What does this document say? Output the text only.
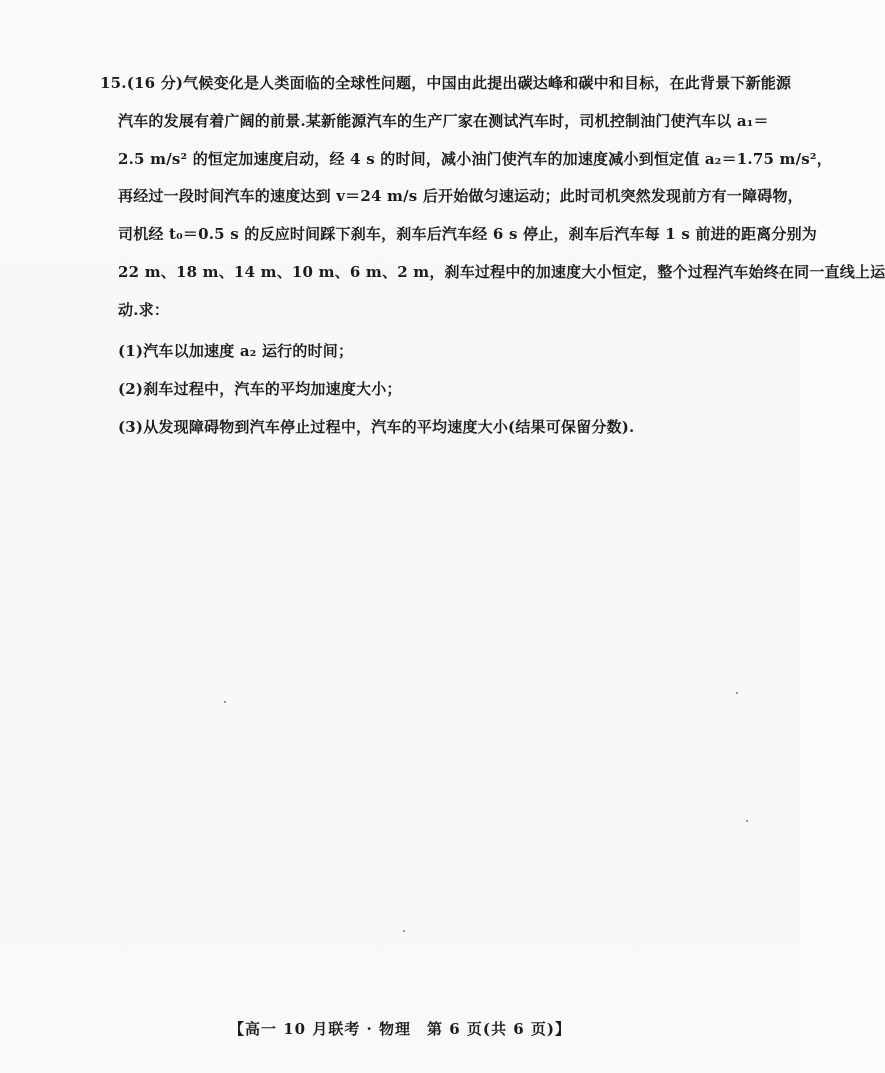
15.(16 分)气候变化是人类面临的全球性问题，中国由此提出碳达峰和碳中和目标，在此背景下新能源
汽车的发展有着广阔的前景.某新能源汽车的生产厂家在测试汽车时，司机控制油门使汽车以 a₁＝
2.5 m/s² 的恒定加速度启动，经 4 s 的时间，减小油门使汽车的加速度减小到恒定值 a₂＝1.75 m/s²，
再经过一段时间汽车的速度达到 v＝24 m/s 后开始做匀速运动；此时司机突然发现前方有一障碍物，
司机经 t₀＝0.5 s 的反应时间踩下刹车，刹车后汽车经 6 s 停止，刹车后汽车每 1 s 前进的距离分别为
22 m、18 m、14 m、10 m、6 m、2 m，刹车过程中的加速度大小恒定，整个过程汽车始终在同一直线上运
动.求：
(1)汽车以加速度 a₂ 运行的时间；
(2)刹车过程中，汽车的平均加速度大小；
(3)从发现障碍物到汽车停止过程中，汽车的平均速度大小(结果可保留分数).
【高一 10 月联考 · 物理　第 6 页(共 6 页)】
